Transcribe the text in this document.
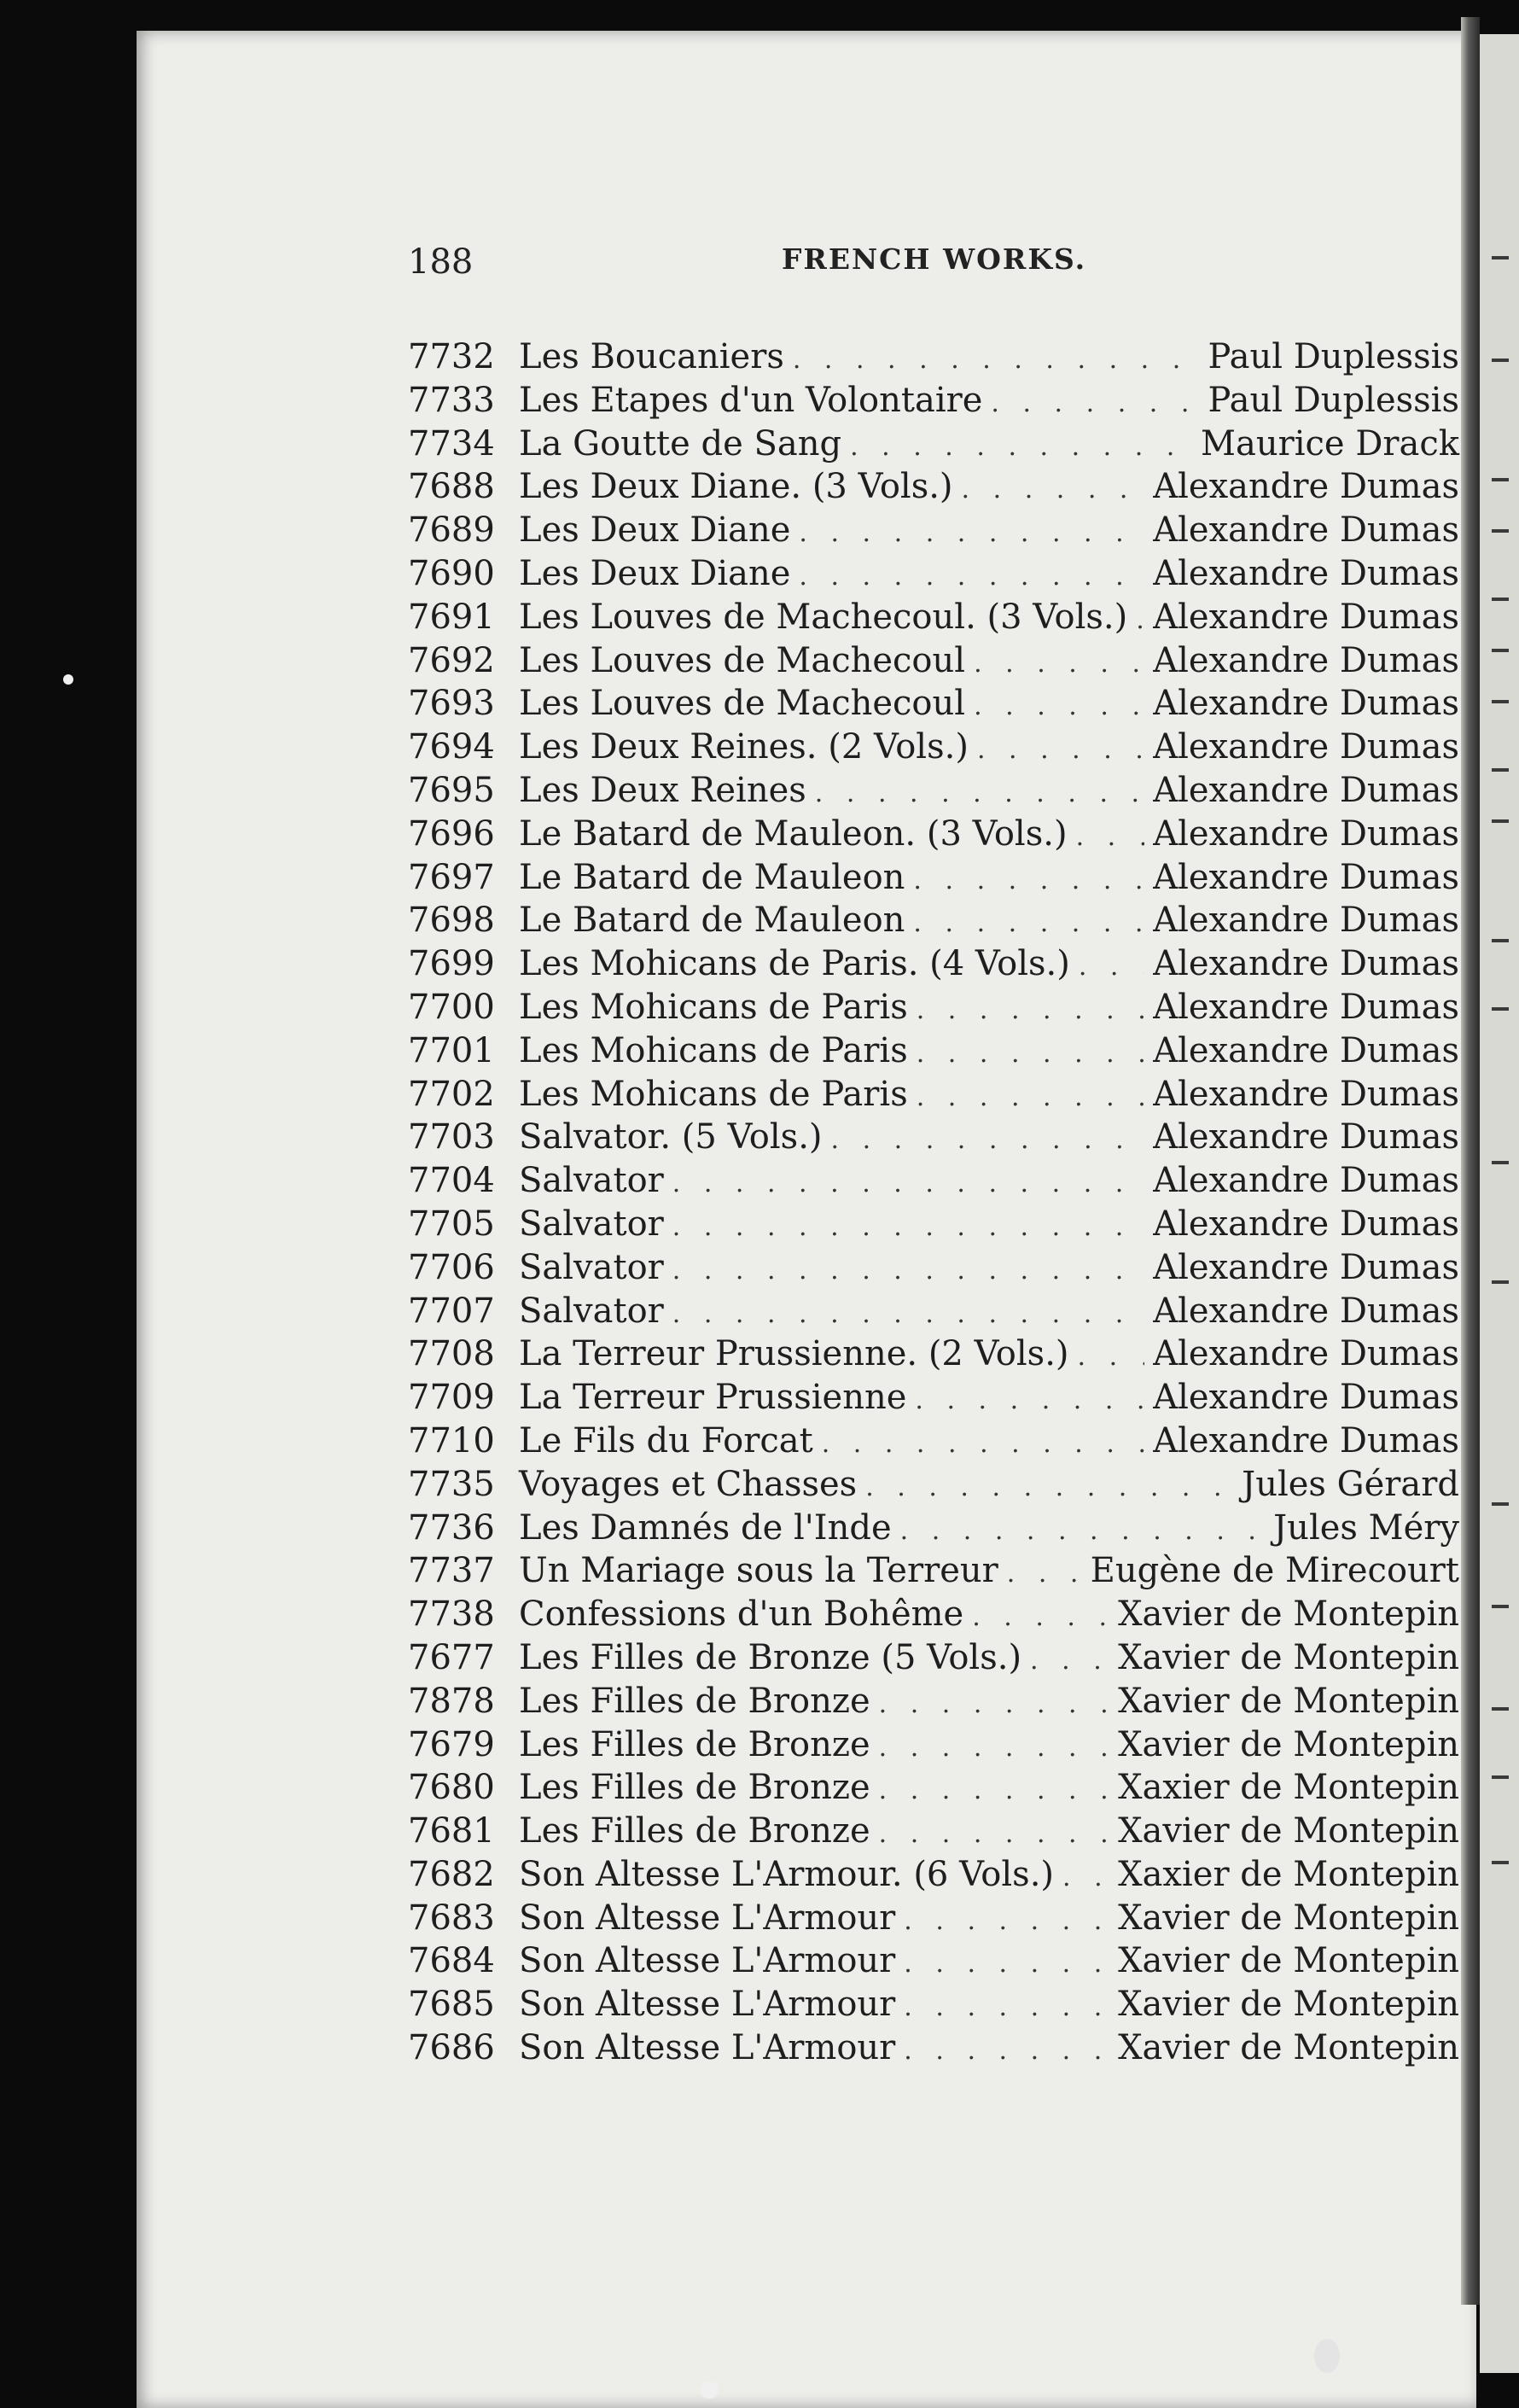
188	FRENCH WORKS.
7732 Les Boucaniers . . .	Paul Duplessis
7733 Les Etapes d'un Volontaire . . .	Paul Duplessis
7734 La Goutte de Sang . . .	Maurice Drack
7688 Les Deux Diane. (3 Vols.) . . .	Alexandre Dumas
7689 Les Deux Diane . . .	Alexandre Dumas
7690 Les Deux Diane . . .	Alexandre Dumas
7691 Les Louves de Machecoul. (3 Vols.) . . . Alexandre Dumas
7692 Les Louves de Machecoul . . .	Alexandre Dumas
7693 Les Louves de Machecoul . . .	Alexandre Dumas
7694 Les Deux Reines. (2 Vols.) . . .	Alexandre Dumas
7695 Les Deux Reines . . .	Alexandre Dumas
7696 Le Batard de Mauleon. (3 Vols.) . . .	Alexandre Dumas
7697 Le Batard de Mauleon . . .	Alexandre Dumas
7698 Le Batard de Mauleon . . .	Alexandre Dumas
7699 Les Mohicans de Paris. (4 Vols.) . . . Alexandre Dumas
7700 Les Mohicans de Paris . . .	Alexandre Dumas
7701 Les Mohicans de Paris . . .	Alexandre Dumas
7702 Les Mohicans de Paris . . .	Alexandre Dumas
7703 Salvator. (5 Vols.) . . .	Alexandre Dumas
7704 Salvator . . .	Alexandre Dumas
7705 Salvator . . .	Alexandre Dumas
7706 Salvator . . .	Alexandre Dumas
7707 Salvator . . .	Alexandre Dumas
7708 La Terreur Prussienne. (2 Vols.) . . . Alexandre Dumas
7709 La Terreur Prussienne . . .	Alexandre Dumas
7710 Le Fils du Forcat . . .	Alexandre Dumas
7735 Voyages et Chasses . . .	Jules Gérard
7736 Les Damnés de l'Inde . . .	Jules Méry
7737 Un Mariage sous la Terreur . . .	Eugène de Mirecourt
7738 Confessions d'un Bohême . . .	Xavier de Montepin
7677 Les Filles de Bronze (5 Vols.) . . .	Xavier de Montepin
7878 Les Filles de Bronze . . .	Xavier de Montepin
7679 Les Filles de Bronze . . .	Xavier de Montepin
7680 Les Filles de Bronze . . .	Xaxier de Montepin
7681 Les Filles de Bronze . . .	Xavier de Montepin
7682 Son Altesse L'Armour. (6 Vols.) . . . Xaxier de Montepin
7683 Son Altesse L'Armour . . .	Xavier de Montepin
7684 Son Altesse L'Armour . . .	Xavier de Montepin
7685 Son Altesse L'Armour . . .	Xavier de Montepin
7686 Son Altesse L'Armour . . .	Xavier de Montepin
